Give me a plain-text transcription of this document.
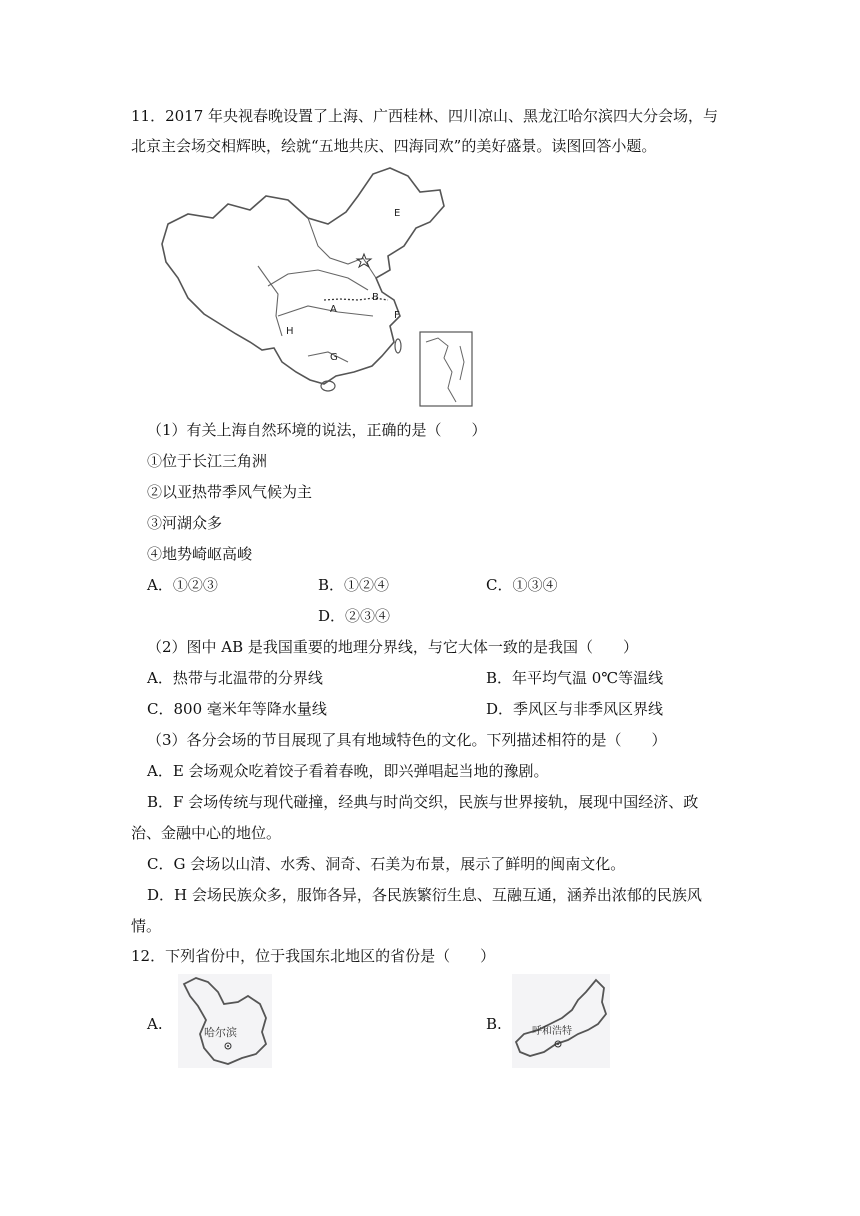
11．2017 年央视春晚设置了上海、广西桂林、四川凉山、黑龙江哈尔滨四大分会场，与
北京主会场交相辉映，绘就“五地共庆、四海同欢”的美好盛景。读图回答小题。
E
A
B
F
H
G
（1）有关上海自然环境的说法，正确的是（　　）
①位于长江三角洲
②以亚热带季风气候为主
③河湖众多
④地势崎岖高峻
A．①②③	B．①②④	C．①③④
D．②③④
（2）图中 AB 是我国重要的地理分界线，与它大体一致的是我国（　　）
A．热带与北温带的分界线	B．年平均气温 0℃等温线
C．800 毫米年等降水量线	D．季风区与非季风区界线
（3）各分会场的节目展现了具有地域特色的文化。下列描述相符的是（　　）
A．E 会场观众吃着饺子看着春晚，即兴弹唱起当地的豫剧。
B．F 会场传统与现代碰撞，经典与时尚交织，民族与世界接轨，展现中国经济、政
治、金融中心的地位。
C．G 会场以山清、水秀、洞奇、石美为布景，展示了鲜明的闽南文化。
D．H 会场民族众多，服饰各异，各民族繁衍生息、互融互通，涵养出浓郁的民族风
情。
12．下列省份中，位于我国东北地区的省份是（　　）
A.	B.
哈尔滨	呼和浩特
